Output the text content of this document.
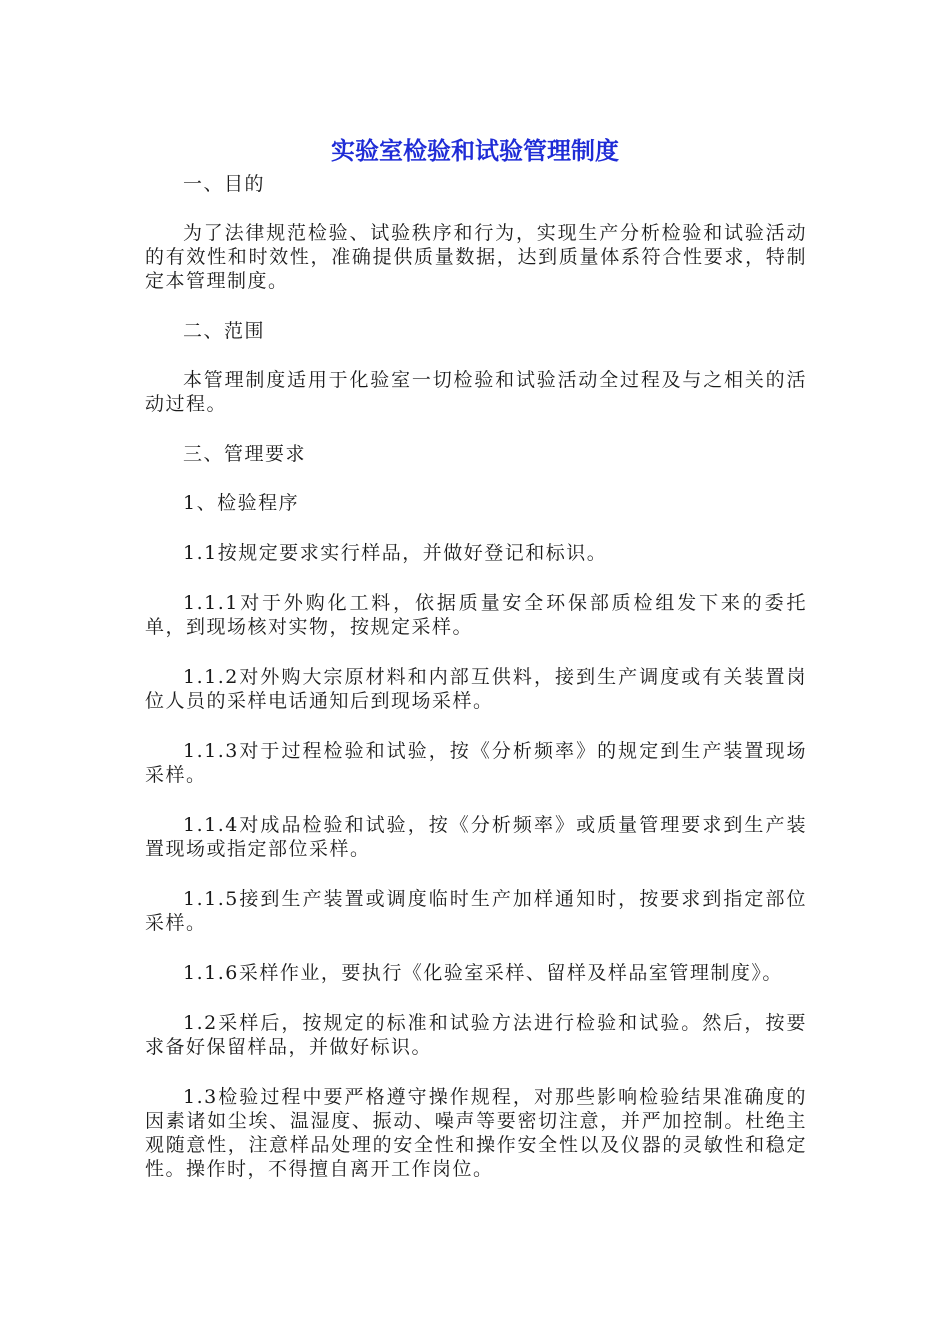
实验室检验和试验管理制度

一、目的

为了法律规范检验、试验秩序和行为，实现生产分析检验和试验活动的有效性和时效性，准确提供质量数据，达到质量体系符合性要求，特制定本管理制度。

二、范围

本管理制度适用于化验室一切检验和试验活动全过程及与之相关的活动过程。

三、管理要求

1、检验程序

1.1按规定要求实行样品，并做好登记和标识。

1.1.1对于外购化工料，依据质量安全环保部质检组发下来的委托单，到现场核对实物，按规定采样。

1.1.2对外购大宗原材料和内部互供料，接到生产调度或有关装置岗位人员的采样电话通知后到现场采样。

1.1.3对于过程检验和试验，按《分析频率》的规定到生产装置现场采样。

1.1.4对成品检验和试验，按《分析频率》或质量管理要求到生产装置现场或指定部位采样。

1.1.5接到生产装置或调度临时生产加样通知时，按要求到指定部位采样。

1.1.6采样作业，要执行《化验室采样、留样及样品室管理制度》。

1.2采样后，按规定的标准和试验方法进行检验和试验。然后，按要求备好保留样品，并做好标识。

1.3检验过程中要严格遵守操作规程，对那些影响检验结果准确度的因素诸如尘埃、温湿度、振动、噪声等要密切注意，并严加控制。杜绝主观随意性，注意样品处理的安全性和操作安全性以及仪器的灵敏性和稳定性。操作时，不得擅自离开工作岗位。
